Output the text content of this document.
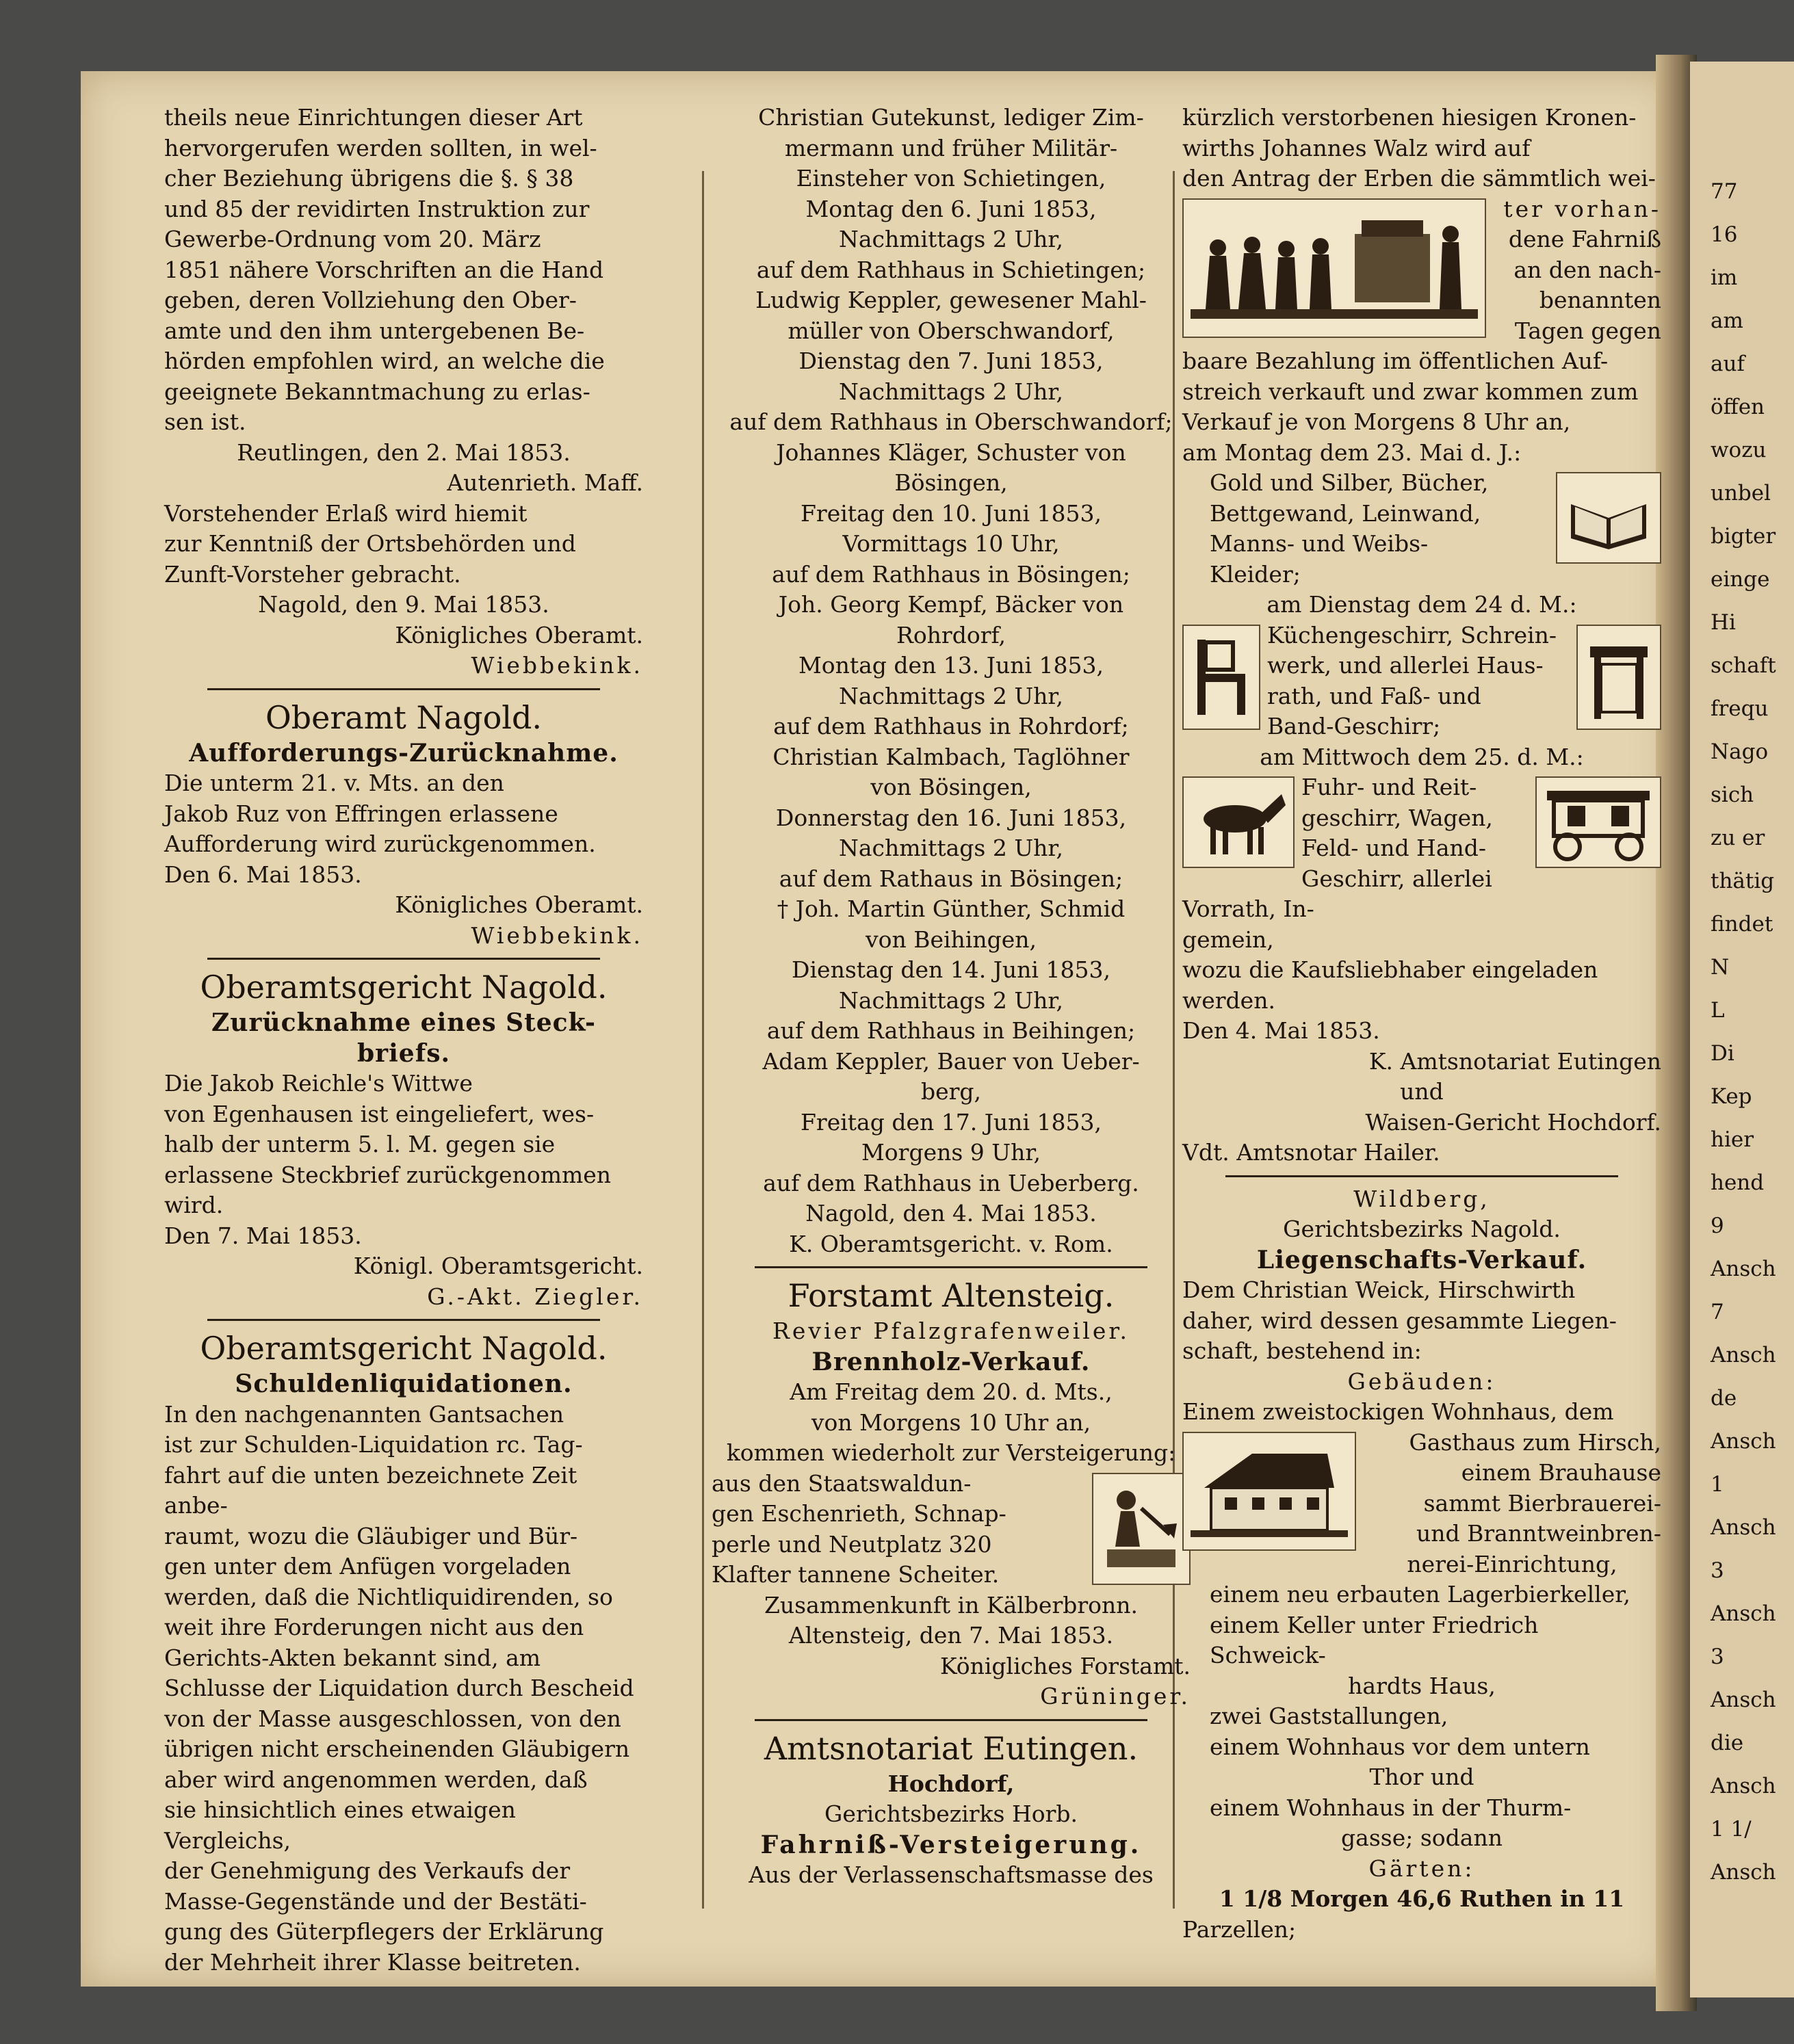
theils neue Einrichtungen dieser Art

hervorgerufen werden sollten, in wel-

cher Beziehung übrigens die §. § 38

und 85 der revidirten Instruktion zur

Gewerbe-Ordnung vom 20. März

1851 nähere Vorschriften an die Hand

geben, deren Vollziehung den Ober-

amte und den ihm untergebenen Be-

hörden empfohlen wird, an welche die

geeignete Bekanntmachung zu erlas-

sen ist.

Reutlingen, den 2. Mai 1853.

Autenrieth. Maff.

Vorstehender Erlaß wird hiemit

zur Kenntniß der Ortsbehörden und

Zunft-Vorsteher gebracht.

Nagold, den 9. Mai 1853.

Königliches Oberamt.

Wiebbekink.

Oberamt Nagold.

Aufforderungs-Zurücknahme.

Die unterm 21. v. Mts. an den

Jakob Ruz von Effringen erlassene

Aufforderung wird zurückgenommen.

Den 6. Mai 1853.

Königliches Oberamt.

Wiebbekink.

Oberamtsgericht Nagold.

Zurücknahme eines Steck-

briefs.

Die Jakob Reichle's Wittwe

von Egenhausen ist eingeliefert, wes-

halb der unterm 5. l. M. gegen sie

erlassene Steckbrief zurückgenommen

wird.

Den 7. Mai 1853.

Königl. Oberamtsgericht.

G.-Akt. Ziegler.

Oberamtsgericht Nagold.

Schuldenliquidationen.

In den nachgenannten Gantsachen

ist zur Schulden-Liquidation rc. Tag-

fahrt auf die unten bezeichnete Zeit anbe-

raumt, wozu die Gläubiger und Bür-

gen unter dem Anfügen vorgeladen

werden, daß die Nichtliquidirenden, so

weit ihre Forderungen nicht aus den

Gerichts-Akten bekannt sind, am

Schlusse der Liquidation durch Bescheid

von der Masse ausgeschlossen, von den

übrigen nicht erscheinenden Gläubigern

aber wird angenommen werden, daß

sie hinsichtlich eines etwaigen Vergleichs,

der Genehmigung des Verkaufs der

Masse-Gegenstände und der Bestäti-

gung des Güterpflegers der Erklärung

der Mehrheit ihrer Klasse beitreten.

Christian Gutekunst, lediger Zim-

mermann und früher Militär-

Einsteher von Schietingen,

Montag den 6. Juni 1853,

Nachmittags 2 Uhr,

auf dem Rathhaus in Schietingen;

Ludwig Keppler, gewesener Mahl-

müller von Oberschwandorf,

Dienstag den 7. Juni 1853,

Nachmittags 2 Uhr,

auf dem Rathhaus in Oberschwandorf;

Johannes Kläger, Schuster von

Bösingen,

Freitag den 10. Juni 1853,

Vormittags 10 Uhr,

auf dem Rathhaus in Bösingen;

Joh. Georg Kempf, Bäcker von

Rohrdorf,

Montag den 13. Juni 1853,

Nachmittags 2 Uhr,

auf dem Rathhaus in Rohrdorf;

Christian Kalmbach, Taglöhner

von Bösingen,

Donnerstag den 16. Juni 1853,

Nachmittags 2 Uhr,

auf dem Rathaus in Bösingen;

† Joh. Martin Günther, Schmid

von Beihingen,

Dienstag den 14. Juni 1853,

Nachmittags 2 Uhr,

auf dem Rathhaus in Beihingen;

Adam Keppler, Bauer von Ueber-

berg,

Freitag den 17. Juni 1853,

Morgens 9 Uhr,

auf dem Rathhaus in Ueberberg.

Nagold, den 4. Mai 1853.

K. Oberamtsgericht. v. Rom.

Forstamt Altensteig.

Revier Pfalzgrafenweiler.

Brennholz-Verkauf.

Am Freitag dem 20. d. Mts.,

von Morgens 10 Uhr an,

kommen wiederholt zur Versteigerung:

aus den Staatswaldun-

gen Eschenrieth, Schnap-

perle und Neutplatz 320

Klafter tannene Scheiter.

Zusammenkunft in Kälberbronn.

Altensteig, den 7. Mai 1853.

Königliches Forstamt.

Grüninger.

Amtsnotariat Eutingen.

Hochdorf,

Gerichtsbezirks Horb.

Fahrniß-Versteigerung.

Aus der Verlassenschaftsmasse des

kürzlich verstorbenen hiesigen Kronen-

wirths Johannes Walz wird auf

den Antrag der Erben die sämmtlich wei-

ter vorhan-

dene Fahrniß

an den nach-

benannten

Tagen gegen

baare Bezahlung im öffentlichen Auf-

streich verkauft und zwar kommen zum

Verkauf je von Morgens 8 Uhr an,

am Montag dem 23. Mai d. J.:

Gold und Silber, Bücher,

Bettgewand, Leinwand,

Manns- und Weibs-

Kleider;

am Dienstag dem 24 d. M.:

Küchengeschirr, Schrein-

werk, und allerlei Haus-

rath, und Faß- und

Band-Geschirr;

am Mittwoch dem 25. d. M.:

Fuhr- und Reit-

geschirr, Wagen,

Feld- und Hand-

Geschirr, allerlei Vorrath, In-

gemein,

wozu die Kaufsliebhaber eingeladen

werden.

Den 4. Mai 1853.

K. Amtsnotariat Eutingen

und

Waisen-Gericht Hochdorf.

Vdt. Amtsnotar Hailer.

Wildberg,

Gerichtsbezirks Nagold.

Liegenschafts-Verkauf.

Dem Christian Weick, Hirschwirth

daher, wird dessen gesammte Liegen-

schaft, bestehend in:

Gebäuden:

Einem zweistockigen Wohnhaus, dem

Gasthaus zum Hirsch,

einem Brauhause

sammt Bierbrauerei-

und Branntweinbren-

nerei-Einrichtung,

einem neu erbauten Lagerbierkeller,

einem Keller unter Friedrich Schweick-

hardts Haus,

zwei Gaststallungen,

einem Wohnhaus vor dem untern

Thor und

einem Wohnhaus in der Thurm-

gasse; sodann

Gärten:

1 1/8 Morgen 46,6 Ruthen in 11

Parzellen;

77

16

im

am

auf

öffen

wozu

unbel

bigter

einge

Hi

schaft

frequ

Nago

sich

zu er

thätig

findet

N

L

Di

Kep

hier

hend

9

Ansch

7

Ansch

de

Ansch

1

Ansch

3

Ansch

3

Ansch

die

Ansch

1 1/

Ansch
